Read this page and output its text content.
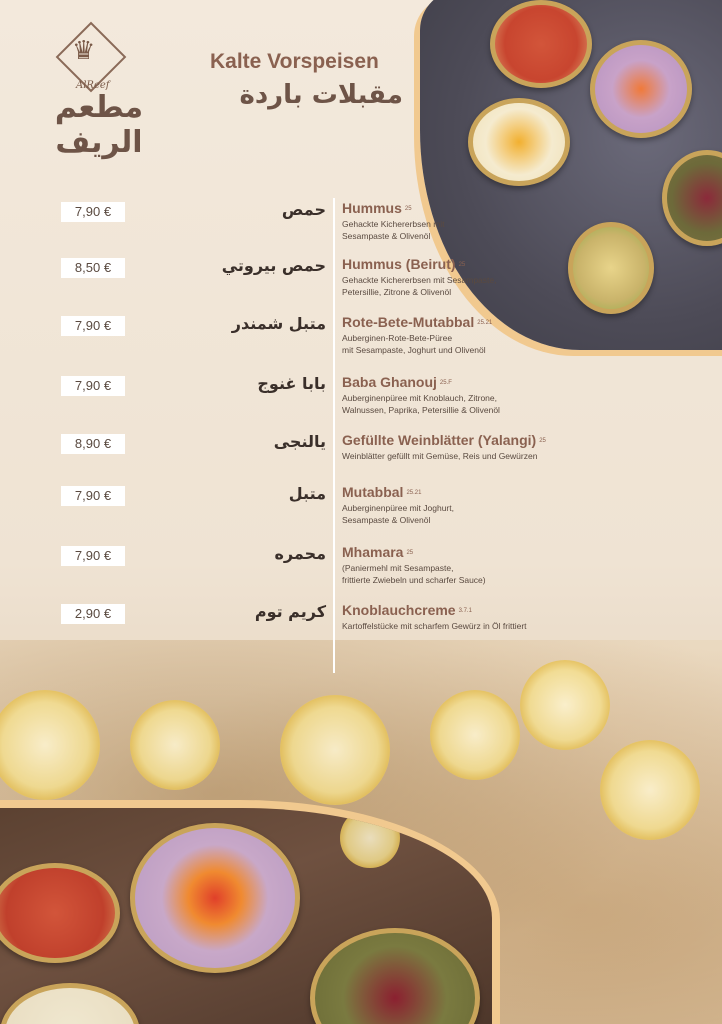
♛
AlReef
مطعم الريف
Kalte Vorspeisen
مقبلات باردة
7,90 €	حمص Hummus 25
Gehackte Kichererbsen mit
Sesampaste & Olivenöl
8,50 €	حمص بيروتي Hummus (Beirut) 25
Gehackte Kichererbsen mit Sesampaste,
Petersillie, Zitrone & Olivenöl
7,90 €	متبل شمندر Rote-Bete-Mutabbal 25.21
Auberginen-Rote-Bete-Püree
mit Sesampaste, Joghurt und Olivenöl
7,90 €	بابا غنوج Baba Ghanouj 25.F
Auberginenpüree mit Knoblauch, Zitrone,
Walnussen, Paprika, Petersillie & Olivenöl
8,90 €	يالنجى Gefüllte Weinblätter (Yalangi) 25
Weinblätter gefüllt mit Gemüse, Reis und Gewürzen
7,90 €	متبل Mutabbal 25.21
Auberginenpüree mit Joghurt,
Sesampaste & Olivenöl
7,90 €	محمره Mhamara 25
(Paniermehl mit Sesampaste,
frittierte Zwiebeln und scharfer Sauce)
2,90 €	كريم توم Knoblauchcreme 3.7.1
Kartoffelstücke mit scharfem Gewürz in Öl frittiert
